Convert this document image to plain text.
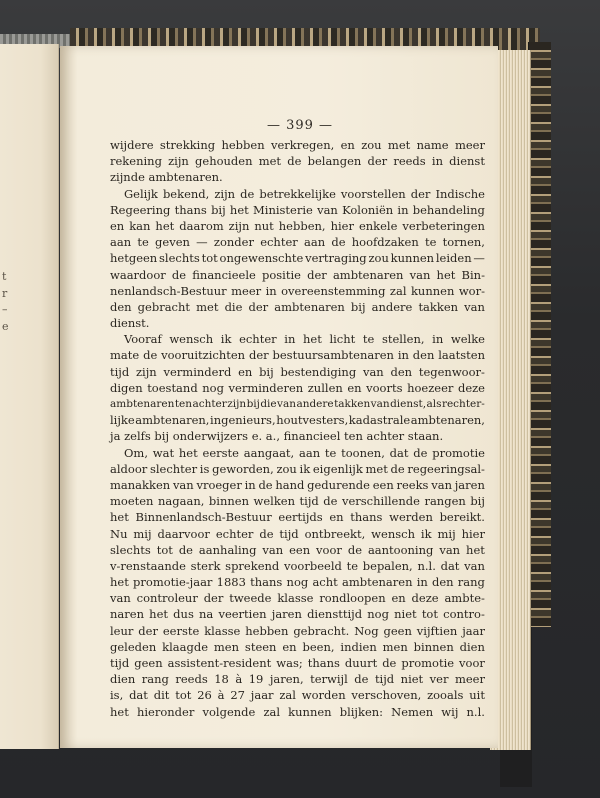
t
r
–
e
— 399 —
wijdere strekking hebben verkregen, en zou met name meer
rekening zijn gehouden met de belangen der reeds in dienst
zijnde ambtenaren.
Gelijk bekend, zijn de betrekkelijke voorstellen der Indische
Regeering thans bij het Ministerie van Koloniën in behandeling
en kan het daarom zijn nut hebben, hier enkele verbeteringen
aan te geven — zonder echter aan de hoofdzaken te tornen,
hetgeen slechts tot ongewenschte vertraging zou kunnen leiden —
waardoor de financieele positie der ambtenaren van het Bin-
nenlandsch-Bestuur meer in overeenstemming zal kunnen wor-
den gebracht met die der ambtenaren bij andere takken van
dienst.
Vooraf wensch ik echter in het licht te stellen, in welke
mate de vooruitzichten der bestuursambtenaren in den laatsten
tijd zijn verminderd en bij bestendiging van den tegenwoor-
digen toestand nog verminderen zullen en voorts hoezeer deze
ambtenaren ten achter zijn bij die van andere takken van dienst, als rechter-
lijke ambtenaren, ingenieurs, houtvesters, kadastrale ambtenaren,
ja zelfs bij onderwijzers e. a., financieel ten achter staan.
Om, wat het eerste aangaat, aan te toonen, dat de promotie
aldoor slechter is geworden, zou ik eigenlijk met de regeeringsal-
manakken van vroeger in de hand gedurende een reeks van jaren
moeten nagaan, binnen welken tijd de verschillende rangen bij
het Binnenlandsch-Bestuur eertijds en thans werden bereikt.
Nu mij daarvoor echter de tijd ontbreekt, wensch ik mij hier
slechts tot de aanhaling van een voor de aantooning van het
v-renstaande sterk sprekend voorbeeld te bepalen, n.l. dat van
het promotie-jaar 1883 thans nog acht ambtenaren in den rang
van controleur der tweede klasse rondloopen en deze ambte-
naren het dus na veertien jaren diensttijd nog niet tot contro-
leur der eerste klasse hebben gebracht. Nog geen vijftien jaar
geleden klaagde men steen en been, indien men binnen dien
tijd geen assistent-resident was; thans duurt de promotie voor
dien rang reeds 18 à 19 jaren, terwijl de tijd niet ver meer
is, dat dit tot 26 à 27 jaar zal worden verschoven, zooals uit
het hieronder volgende zal kunnen blijken: Nemen wij n.l.
